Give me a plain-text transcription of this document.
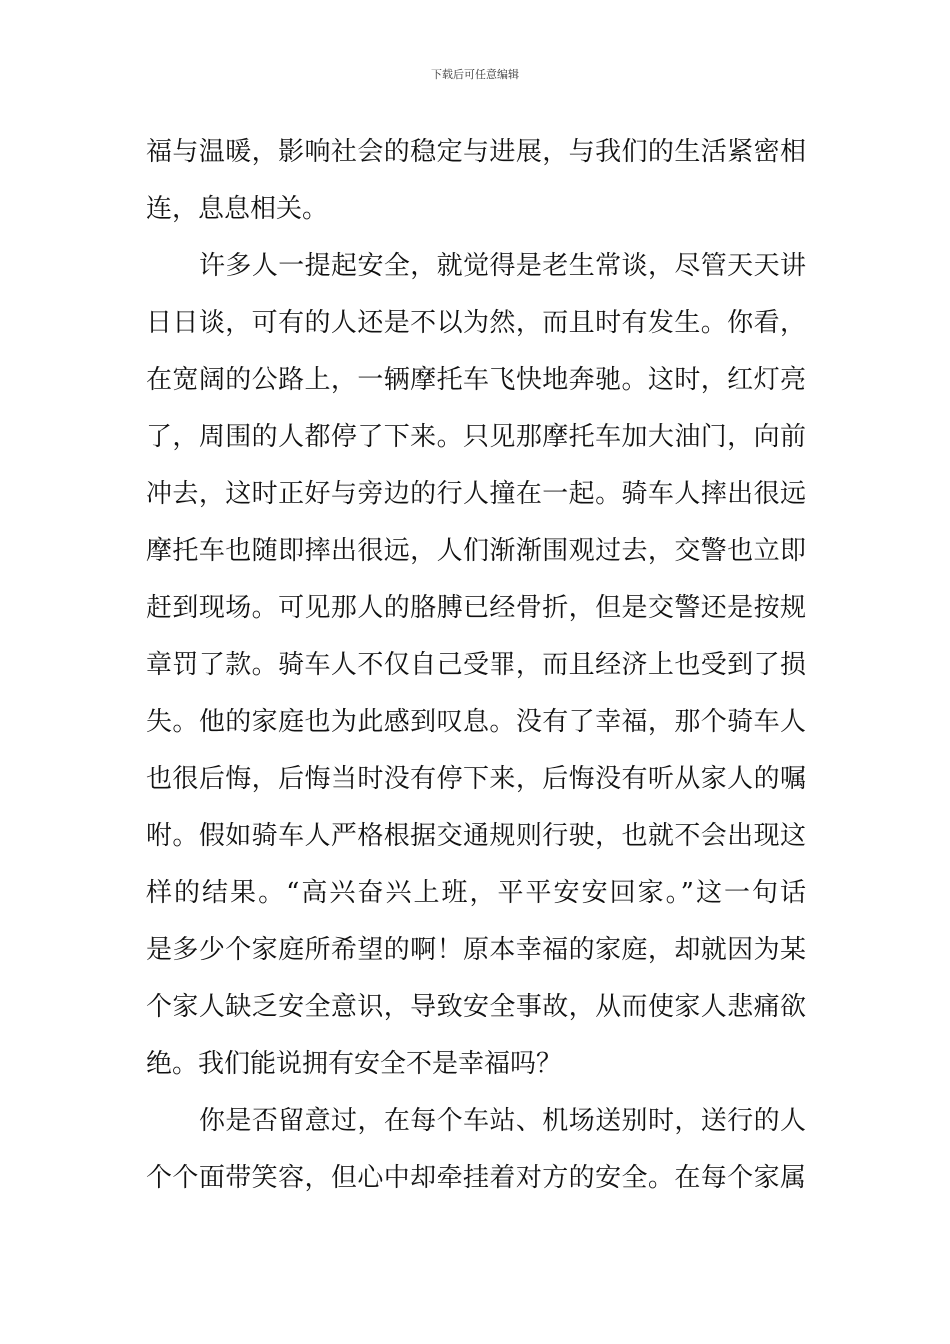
下载后可任意编辑
福与温暖，影响社会的稳定与进展，与我们的生活紧密相
连，息息相关。
许多人一提起安全，就觉得是老生常谈，尽管天天讲
日日谈，可有的人还是不以为然，而且时有发生。你看，
在宽阔的公路上，一辆摩托车飞快地奔驰。这时，红灯亮
了，周围的人都停了下来。只见那摩托车加大油门，向前
冲去，这时正好与旁边的行人撞在一起。骑车人摔出很远
摩托车也随即摔出很远，人们渐渐围观过去，交警也立即
赶到现场。可见那人的胳膊已经骨折，但是交警还是按规
章罚了款。骑车人不仅自己受罪，而且经济上也受到了损
失。他的家庭也为此感到叹息。没有了幸福，那个骑车人
也很后悔，后悔当时没有停下来，后悔没有听从家人的嘱
咐。假如骑车人严格根据交通规则行驶，也就不会出现这
样的结果。“高兴奋兴上班，平平安安回家。”这一句话
是多少个家庭所希望的啊！原本幸福的家庭，却就因为某
个家人缺乏安全意识，导致安全事故，从而使家人悲痛欲
绝。我们能说拥有安全不是幸福吗？
你是否留意过，在每个车站、机场送别时，送行的人
个个面带笑容，但心中却牵挂着对方的安全。在每个家属
